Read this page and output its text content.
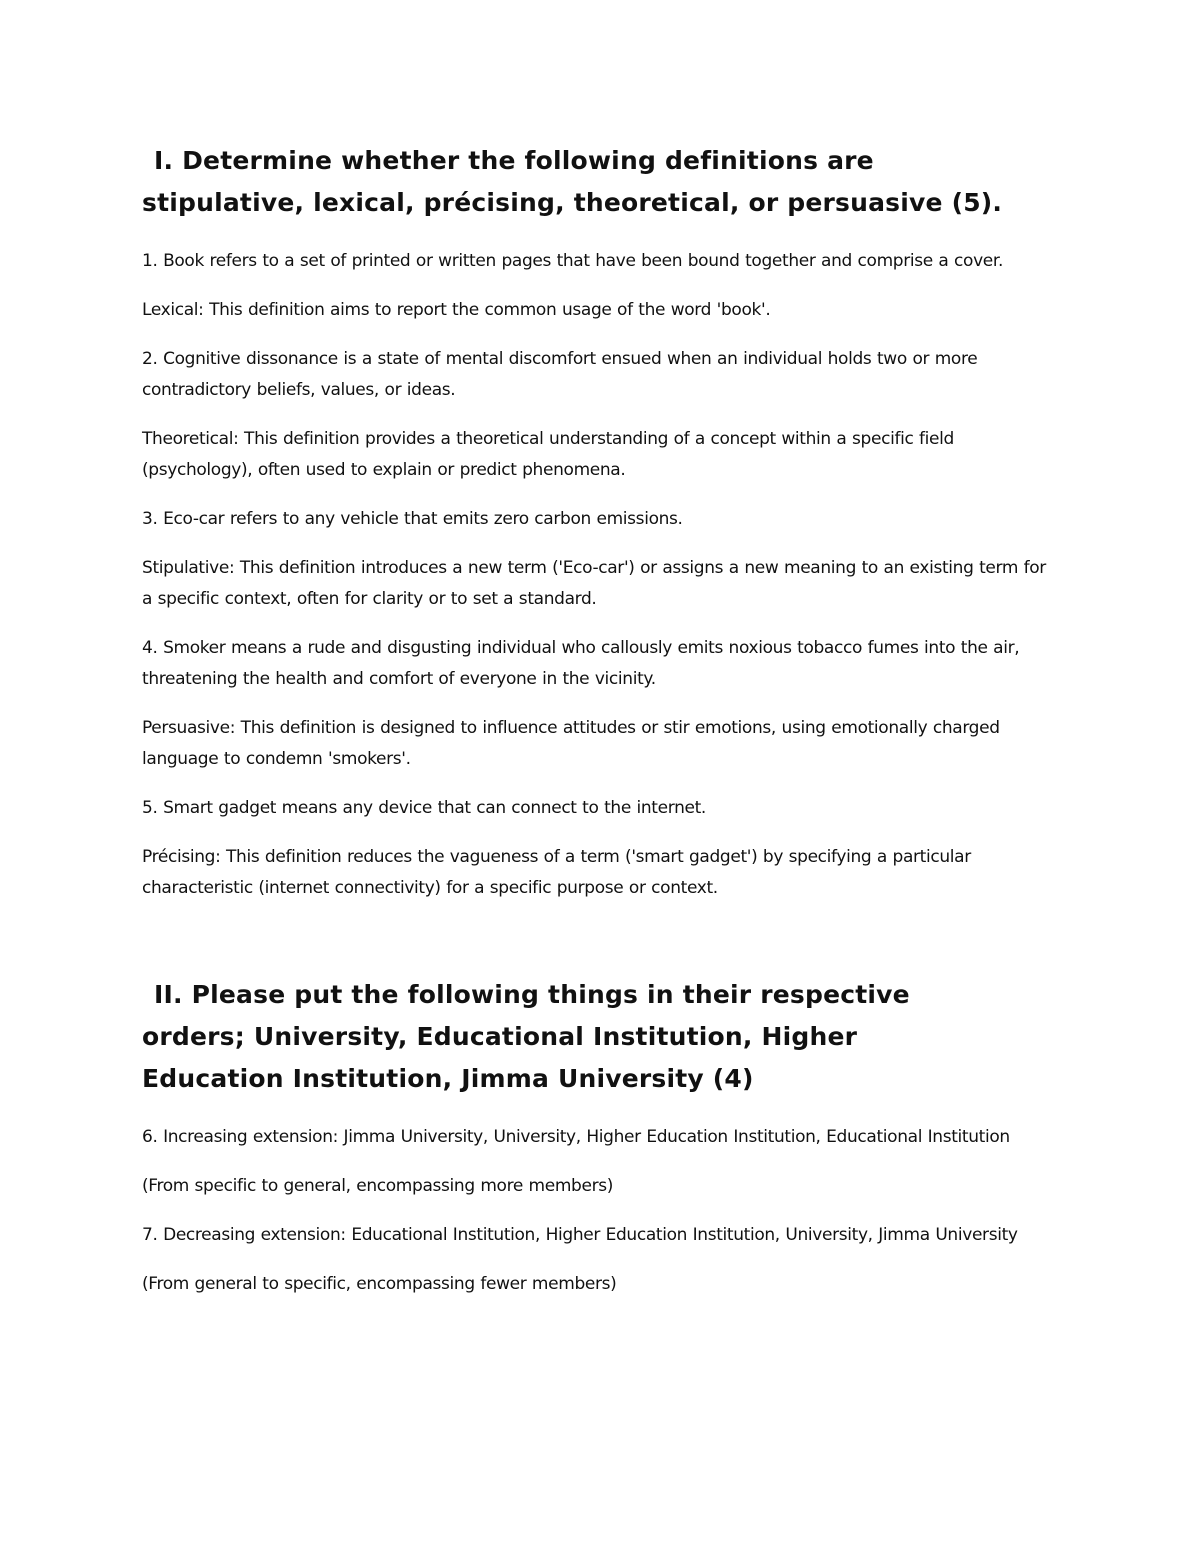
I. Determine whether the following definitions are
stipulative, lexical, précising, theoretical, or persuasive (5).

1. Book refers to a set of printed or written pages that have been bound together and comprise a cover.

Lexical: This definition aims to report the common usage of the word 'book'.

2. Cognitive dissonance is a state of mental discomfort ensued when an individual holds two or more contradictory beliefs, values, or ideas.

Theoretical: This definition provides a theoretical understanding of a concept within a specific field (psychology), often used to explain or predict phenomena.

3. Eco-car refers to any vehicle that emits zero carbon emissions.

Stipulative: This definition introduces a new term ('Eco-car') or assigns a new meaning to an existing term for a specific context, often for clarity or to set a standard.

4. Smoker means a rude and disgusting individual who callously emits noxious tobacco fumes into the air, threatening the health and comfort of everyone in the vicinity.

Persuasive: This definition is designed to influence attitudes or stir emotions, using emotionally charged language to condemn 'smokers'.

5. Smart gadget means any device that can connect to the internet.

Précising: This definition reduces the vagueness of a term ('smart gadget') by specifying a particular characteristic (internet connectivity) for a specific purpose or context.

II. Please put the following things in their respective
orders; University, Educational Institution, Higher
Education Institution, Jimma University (4)

6. Increasing extension: Jimma University, University, Higher Education Institution, Educational Institution

(From specific to general, encompassing more members)

7. Decreasing extension: Educational Institution, Higher Education Institution, University, Jimma University

(From general to specific, encompassing fewer members)
